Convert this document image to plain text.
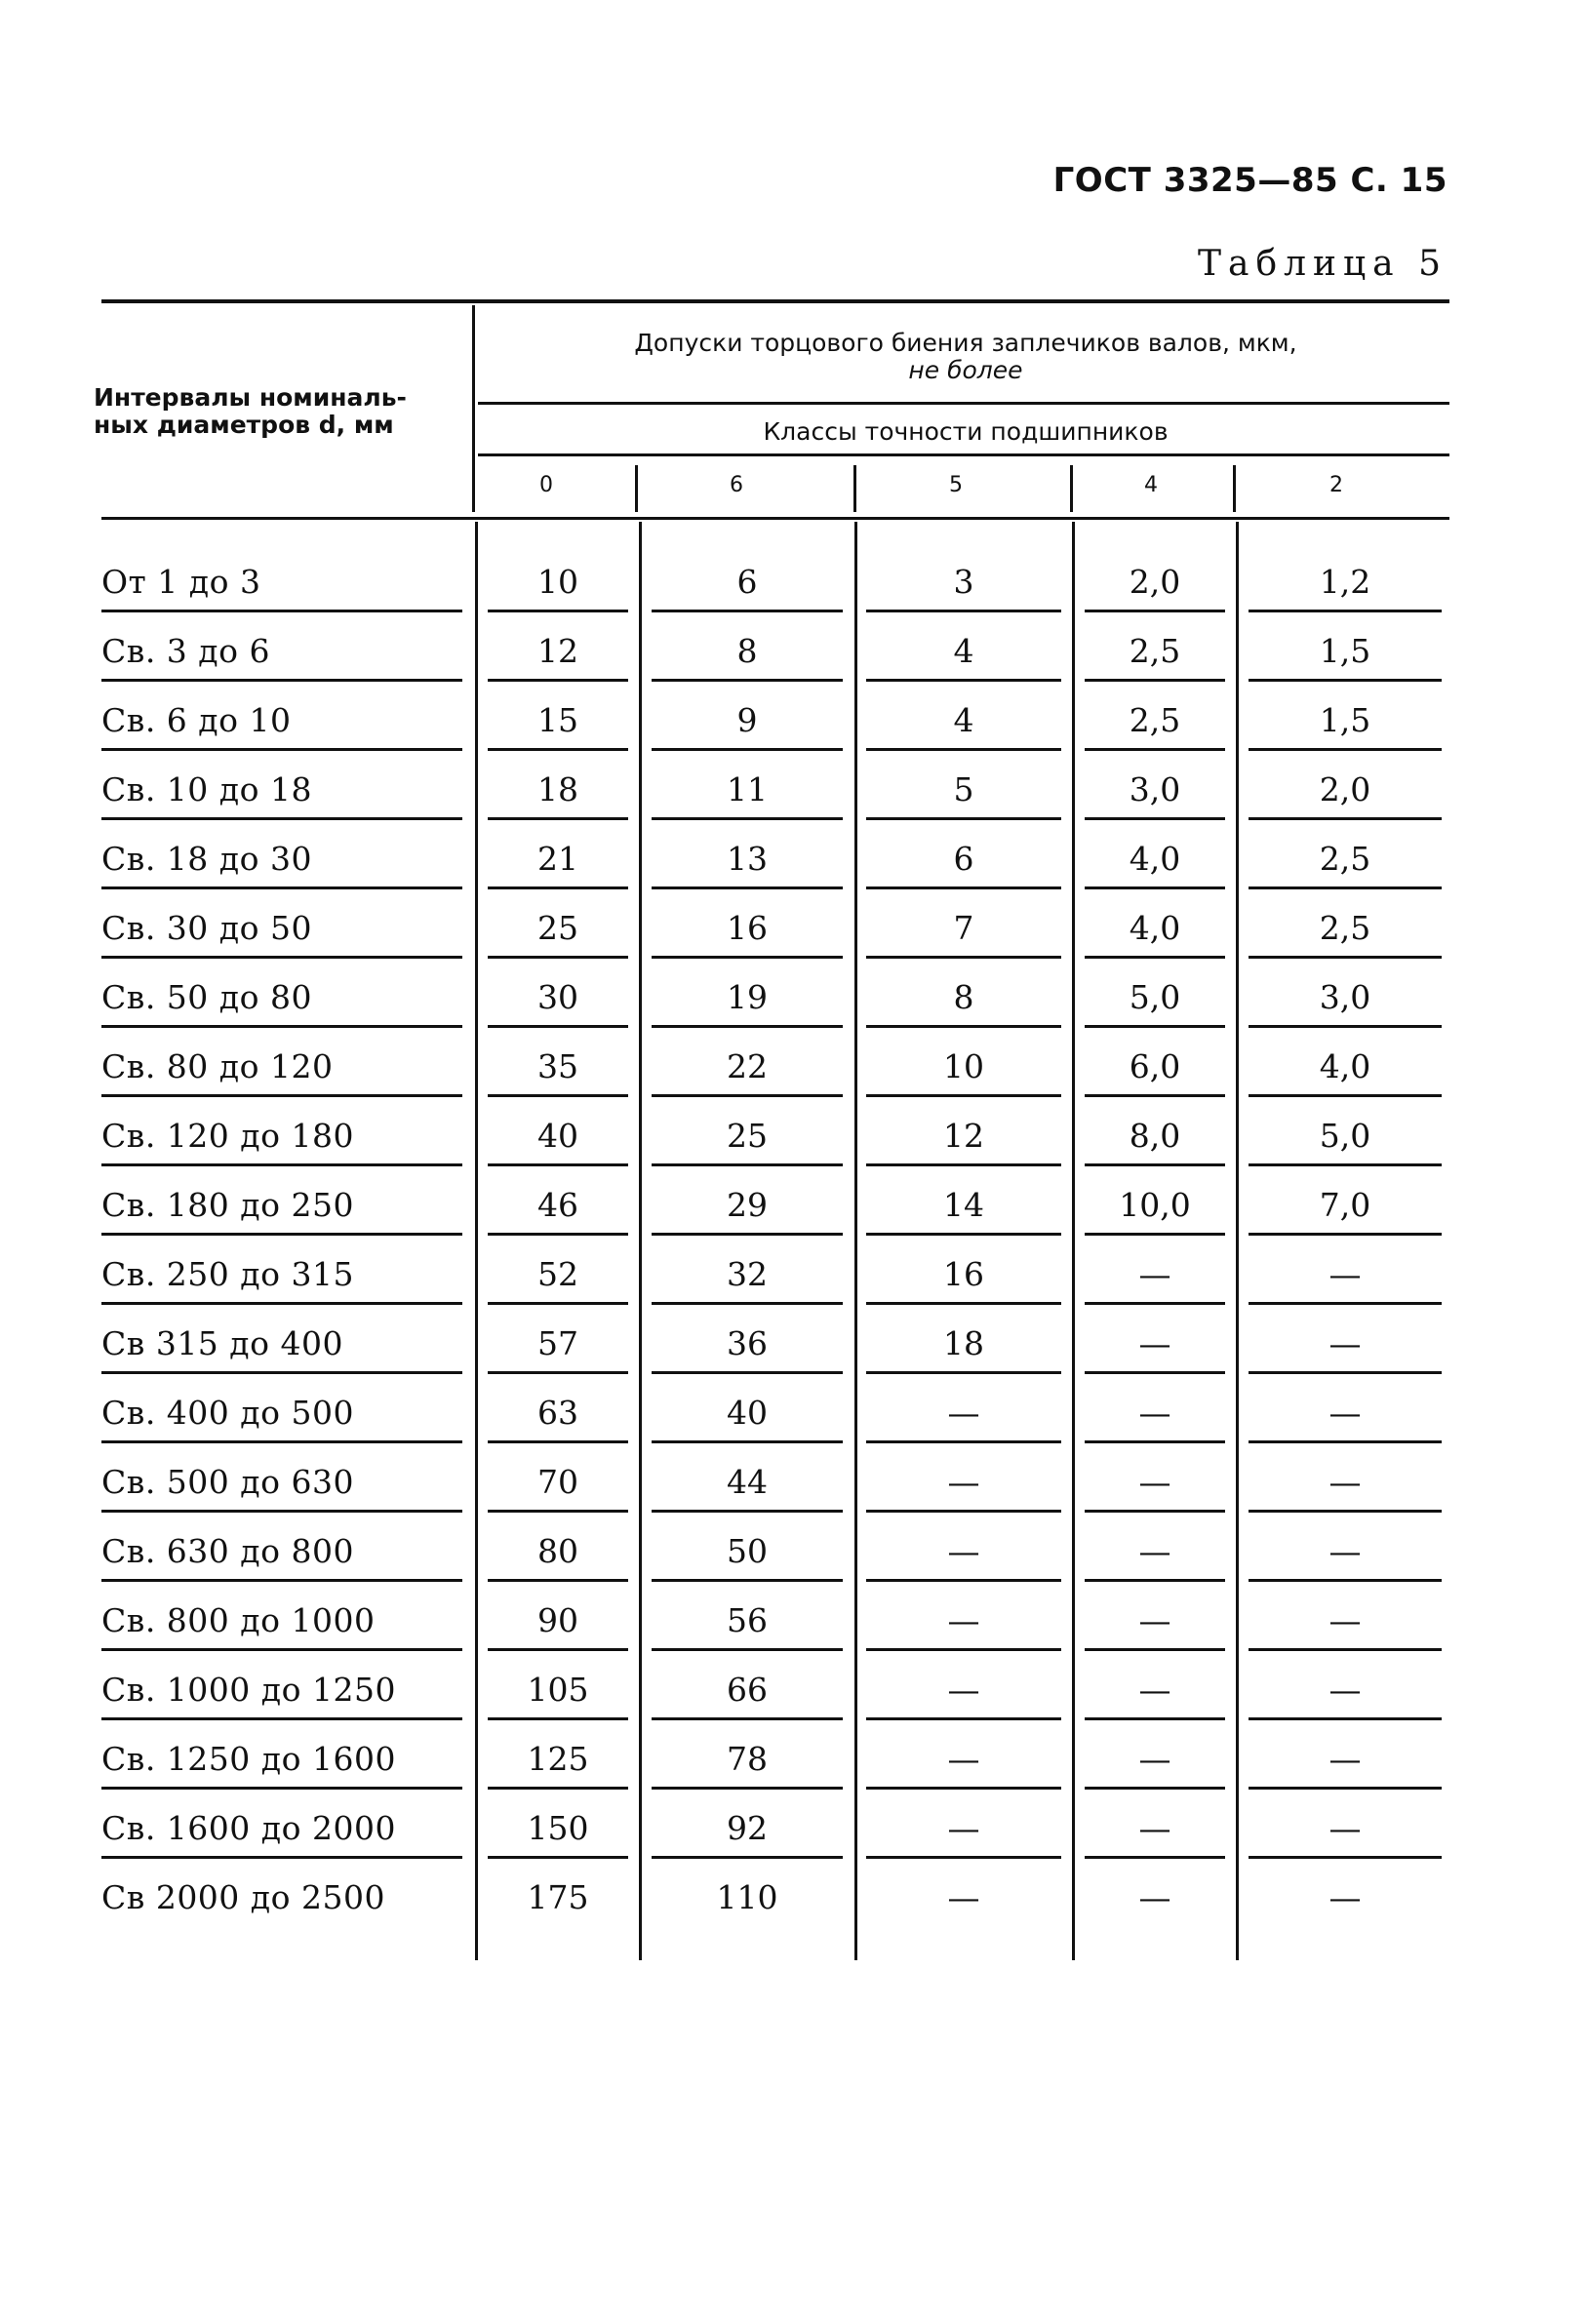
ГОСТ 3325—85 С. 15
Таблица 5
Интервалы номиналь-
ных диаметров d, мм
Допуски торцового биения заплечиков валов, мкм,
не более
Классы точности подшипников
0	6	5	4	2
От 1 до 3	10	6	3	2,0	1,2
Св. 3 до 6	12	8	4	2,5	1,5
Св. 6 до 10	15	9	4	2,5	1,5
Св. 10 до 18	18	11	5	3,0	2,0
Св. 18 до 30	21	13	6	4,0	2,5
Св. 30 до 50	25	16	7	4,0	2,5
Св. 50 до 80	30	19	8	5,0	3,0
Св. 80 до 120	35	22	10	6,0	4,0
Св. 120 до 180	40	25	12	8,0	5,0
Св. 180 до 250	46	29	14	10,0	7,0
Св. 250 до 315	52	32	16	—	—
Св 315 до 400	57	36	18	—	—
Св. 400 до 500	63	40	—	—	—
Св. 500 до 630	70	44	—	—	—
Св. 630 до 800	80	50	—	—	—
Св. 800 до 1000	90	56	—	—	—
Св. 1000 до 1250	105	66	—	—	—
Св. 1250 до 1600	125	78	—	—	—
Св. 1600 до 2000	150	92	—	—	—
Св 2000 до 2500	175	110	—	—	—
